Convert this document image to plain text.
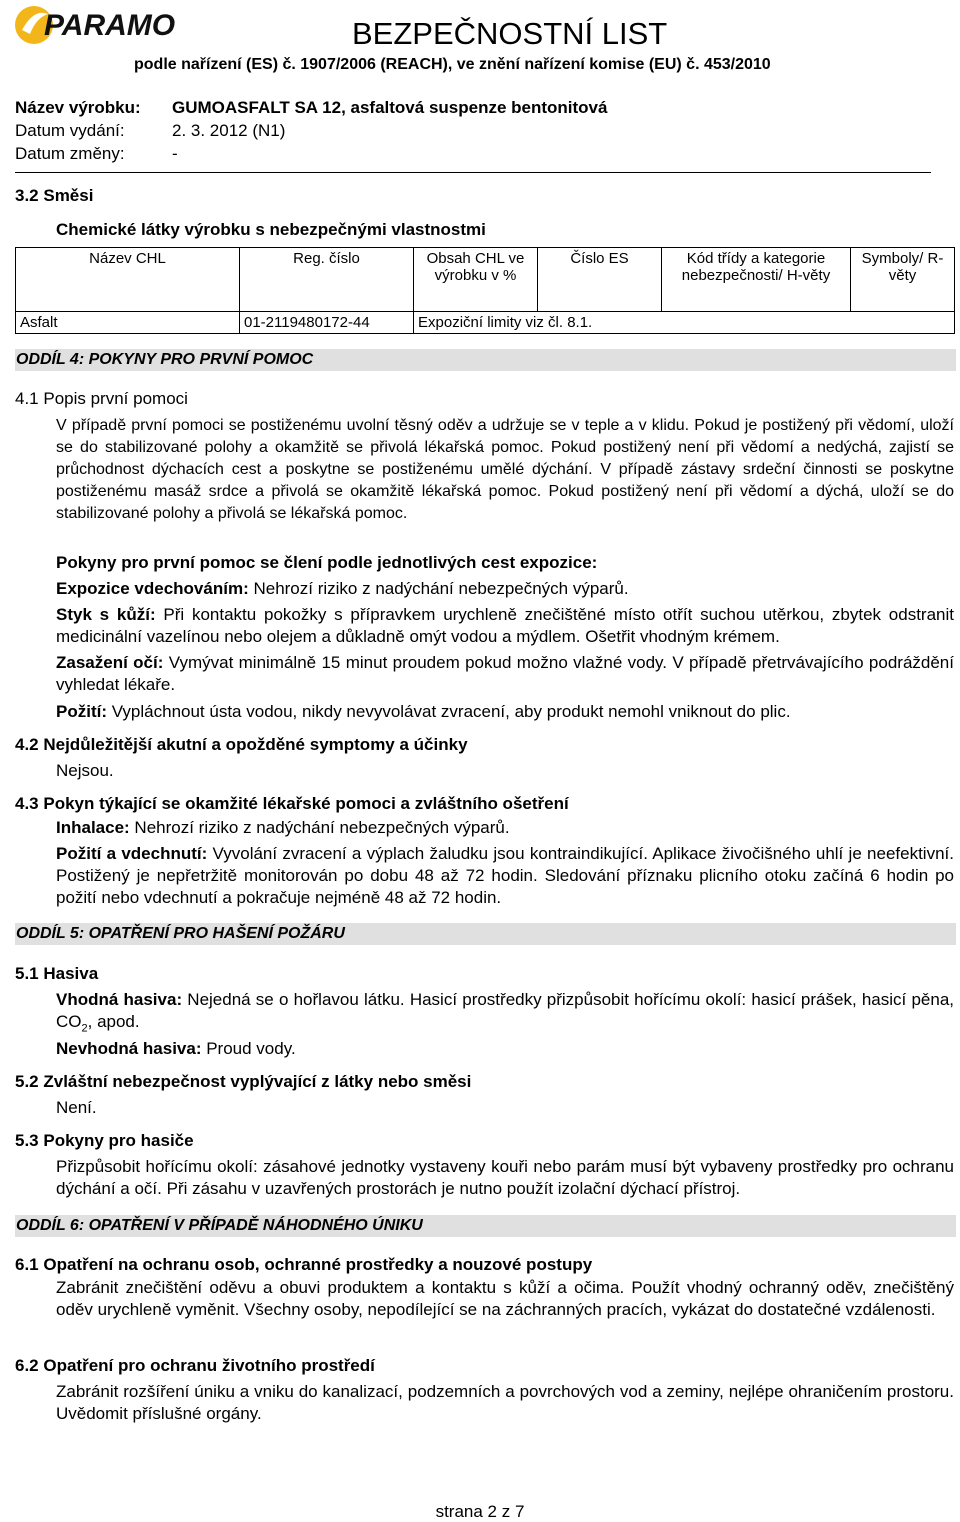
PARAMO	BEZPEČNOSTNÍ LIST
podle nařízení (ES) č. 1907/2006 (REACH), ve znění nařízení komise (EU) č. 453/2010
Název výrobku: GUMOASFALT SA 12, asfaltová suspenze bentonitová
Datum vydání:	2. 3. 2012 (N1)
Datum změny:	-
3.2 Směsi
Chemické látky výrobku s nebezpečnými vlastnostmi
Název CHL	Reg. číslo	Obsah CHL ve výrobku v %	Číslo ES	Kód třídy a kategorie nebezpečnosti/ H-věty	Symboly/ R-věty
Asfalt	01-2119480172-44	Expoziční limity viz čl. 8.1.			
ODDÍL 4: POKYNY PRO PRVNÍ POMOC
4.1 Popis první pomoci
V případě první pomoci se postiženému uvolní těsný oděv a udržuje se v teple a v klidu. Pokud je postižený při vědomí, uloží se do stabilizované polohy a okamžitě se přivolá lékařská pomoc. Pokud postižený není při vědomí a nedýchá, zajistí se průchodnost dýchacích cest a poskytne se postiženému umělé dýchání. V případě zástavy srdeční činnosti se poskytne postiženému masáž srdce a přivolá se okamžitě lékařská pomoc. Pokud postižený není při vědomí a dýchá, uloží se do stabilizované polohy a přivolá se lékařská pomoc.
Pokyny pro první pomoc se člení podle jednotlivých cest expozice:
Expozice vdechováním: Nehrozí riziko z nadýchání nebezpečných výparů.
Styk s kůží: Při kontaktu pokožky s přípravkem urychleně znečištěné místo otřít suchou utěrkou, zbytek odstranit medicinální vazelínou nebo olejem a důkladně omýt vodou a mýdlem. Ošetřit vhodným krémem.
Zasažení očí: Vymývat minimálně 15 minut proudem pokud možno vlažné vody. V případě přetrvávajícího podráždění vyhledat lékaře.
Požití: Vypláchnout ústa vodou, nikdy nevyvolávat zvracení, aby produkt nemohl vniknout do plic.
4.2 Nejdůležitější akutní a opožděné symptomy a účinky
Nejsou.
4.3 Pokyn týkající se okamžité lékařské pomoci a zvláštního ošetření
Inhalace: Nehrozí riziko z nadýchání nebezpečných výparů.
Požití a vdechnutí: Vyvolání zvracení a výplach žaludku jsou kontraindikující. Aplikace živočišného uhlí je neefektivní. Postižený je nepřetržitě monitorován po dobu 48 až 72 hodin. Sledování příznaku plicního otoku začíná 6 hodin po požití nebo vdechnutí a pokračuje nejméně 48 až 72 hodin.
ODDÍL 5: OPATŘENÍ PRO HAŠENÍ POŽÁRU
5.1 Hasiva
Vhodná hasiva: Nejedná se o hořlavou látku. Hasicí prostředky přizpůsobit hořícímu okolí: hasicí prášek, hasicí pěna, $CO_2$, apod.
Nevhodná hasiva: Proud vody.
5.2 Zvláštní nebezpečnost vyplývající z látky nebo směsi
Není.
5.3 Pokyny pro hasiče
Přizpůsobit hořícímu okolí: zásahové jednotky vystaveny kouři nebo parám musí být vybaveny prostředky pro ochranu dýchání a očí. Při zásahu v uzavřených prostorách je nutno použít izolační dýchací přístroj.
ODDÍL 6: OPATŘENÍ V PŘÍPADĚ NÁHODNÉHO ÚNIKU
6.1 Opatření na ochranu osob, ochranné prostředky a nouzové postupy
Zabránit znečištění oděvu a obuvi produktem a kontaktu s kůží a očima. Použít vhodný ochranný oděv, znečištěný oděv urychleně vyměnit. Všechny osoby, nepodílející se na záchranných pracích, vykázat do dostatečné vzdálenosti.
6.2 Opatření pro ochranu životního prostředí
Zabránit rozšíření úniku a vniku do kanalizací, podzemních a povrchových vod a zeminy, nejlépe ohraničením prostoru. Uvědomit příslušné orgány.
strana 2 z 7
